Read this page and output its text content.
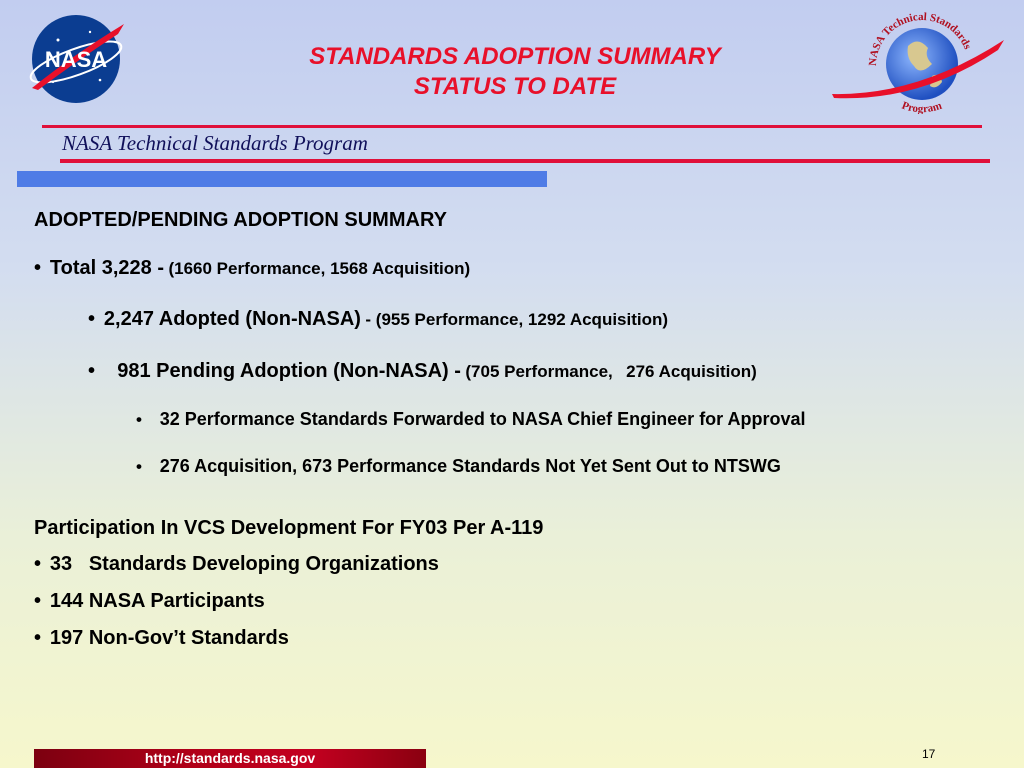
NASA	STANDARDS ADOPTION SUMMARY
STATUS TO DATE
NASA Technical Standards
Program
NASA Technical Standards Program
ADOPTED/PENDING ADOPTION SUMMARY
• Total 3,228 - (1660 Performance, 1568 Acquisition)
• 2,247 Adopted (Non-NASA) - (955 Performance, 1292 Acquisition)
• 981 Pending Adoption (Non-NASA) - (705 Performance, 276 Acquisition)
• 32 Performance Standards Forwarded to NASA Chief Engineer for Approval
• 276 Acquisition, 673 Performance Standards Not Yet Sent Out to NTSWG
Participation In VCS Development For FY03 Per A-119
• 33   Standards Developing Organizations
• 144 NASA Participants
• 197 Non-Gov’t Standards
http://standards.nasa.gov	17
